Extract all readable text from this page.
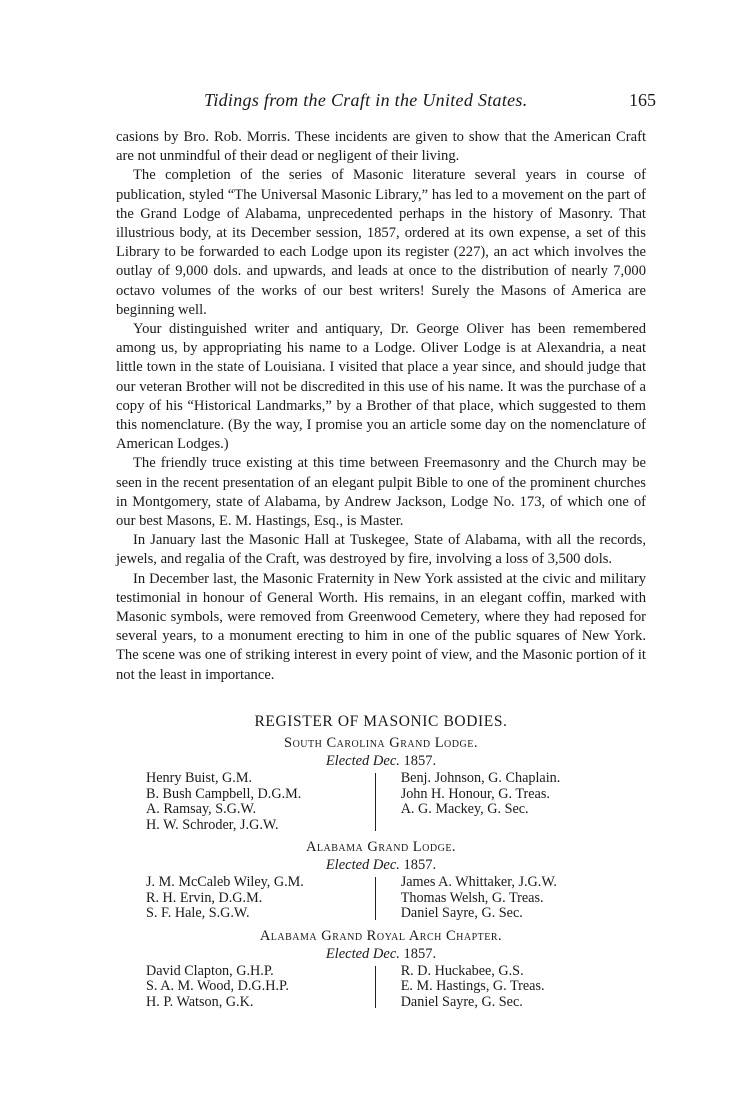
Tidings from the Craft in the United States.	165

casions by Bro. Rob. Morris. These incidents are given to show that the American Craft are not unmindful of their dead or negligent of their living.

The completion of the series of Masonic literature several years in course of publication, styled “The Universal Masonic Library,” has led to a movement on the part of the Grand Lodge of Alabama, unprecedented perhaps in the history of Masonry. That illustrious body, at its December session, 1857, ordered at its own expense, a set of this Library to be forwarded to each Lodge upon its register (227), an act which involves the outlay of 9,000 dols. and upwards, and leads at once to the distribution of nearly 7,000 octavo volumes of the works of our best writers! Surely the Masons of America are beginning well.

Your distinguished writer and antiquary, Dr. George Oliver has been remembered among us, by appropriating his name to a Lodge. Oliver Lodge is at Alexandria, a neat little town in the state of Louisiana. I visited that place a year since, and should judge that our veteran Brother will not be discredited in this use of his name. It was the purchase of a copy of his “Historical Landmarks,” by a Brother of that place, which suggested to them this nomenclature. (By the way, I promise you an article some day on the nomenclature of American Lodges.)

The friendly truce existing at this time between Freemasonry and the Church may be seen in the recent presentation of an elegant pulpit Bible to one of the prominent churches in Montgomery, state of Alabama, by Andrew Jackson, Lodge No. 173, of which one of our best Masons, E. M. Hastings, Esq., is Master.

In January last the Masonic Hall at Tuskegee, State of Alabama, with all the records, jewels, and regalia of the Craft, was destroyed by fire, involving a loss of 3,500 dols.

In December last, the Masonic Fraternity in New York assisted at the civic and military testimonial in honour of General Worth. His remains, in an elegant coffin, marked with Masonic symbols, were removed from Greenwood Cemetery, where they had reposed for several years, to a monument erecting to him in one of the public squares of New York. The scene was one of striking interest in every point of view, and the Masonic portion of it not the least in importance.

REGISTER OF MASONIC BODIES.
South Carolina Grand Lodge.
Elected Dec. 1857.
Henry Buist, G.M.
B. Bush Campbell, D.G.M.
A. Ramsay, S.G.W.
H. W. Schroder, J.G.W.
Benj. Johnson, G. Chaplain.
John H. Honour, G. Treas.
A. G. Mackey, G. Sec.
Alabama Grand Lodge.
Elected Dec. 1857.
J. M. McCaleb Wiley, G.M.
R. H. Ervin, D.G.M.
S. F. Hale, S.G.W.
James A. Whittaker, J.G.W.
Thomas Welsh, G. Treas.
Daniel Sayre, G. Sec.
Alabama Grand Royal Arch Chapter.
Elected Dec. 1857.
David Clapton, G.H.P.
S. A. M. Wood, D.G.H.P.
H. P. Watson, G.K.
R. D. Huckabee, G.S.
E. M. Hastings, G. Treas.
Daniel Sayre, G. Sec.
